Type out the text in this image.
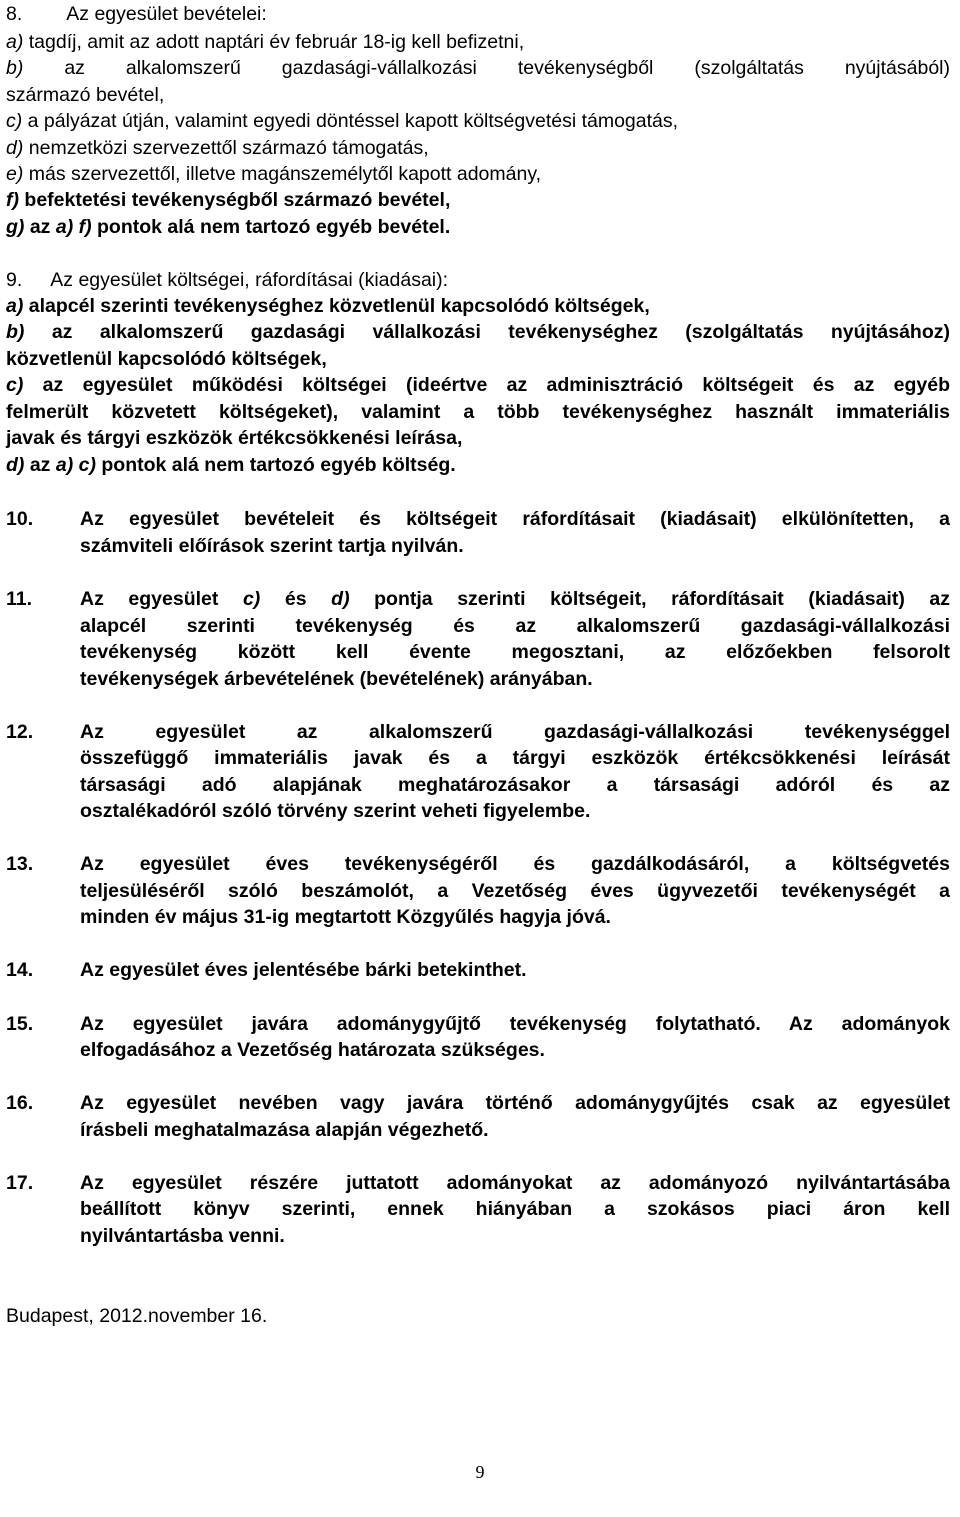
8. Az egyesület bevételei:
a) tagdíj, amit az adott naptári év február 18-ig kell befizetni,
b) az alkalomszerű gazdasági-vállalkozási tevékenységből (szolgáltatás nyújtásából)
származó bevétel,
c) a pályázat útján, valamint egyedi döntéssel kapott költségvetési támogatás,
d) nemzetközi szervezettől származó támogatás,
e) más szervezettől, illetve magánszemélytől kapott adomány,
f) befektetési tevékenységből származó bevétel,
g) az a) f) pontok alá nem tartozó egyéb bevétel.
9. Az egyesület költségei, ráfordításai (kiadásai):
a) alapcél szerinti tevékenységhez közvetlenül kapcsolódó költségek,
b) az alkalomszerű gazdasági vállalkozási tevékenységhez (szolgáltatás nyújtásához)
közvetlenül kapcsolódó költségek,
c) az egyesület működési költségei (ideértve az adminisztráció költségeit és az egyéb
felmerült közvetett költségeket), valamint a több tevékenységhez használt immateriális
javak és tárgyi eszközök értékcsökkenési leírása,
d) az a) c) pontok alá nem tartozó egyéb költség.
10. Az egyesület bevételeit és költségeit ráfordításait (kiadásait) elkülönítetten, a
számviteli előírások szerint tartja nyilván.
11. Az egyesület c) és d) pontja szerinti költségeit, ráfordításait (kiadásait) az
alapcél szerinti tevékenység és az alkalomszerű gazdasági-vállalkozási
tevékenység között kell évente megosztani, az előzőekben felsorolt
tevékenységek árbevételének (bevételének) arányában.
12. Az egyesület az alkalomszerű gazdasági-vállalkozási tevékenységgel
összefüggő immateriális javak és a tárgyi eszközök értékcsökkenési leírását
társasági adó alapjának meghatározásakor a társasági adóról és az
osztalékadóról szóló törvény szerint veheti figyelembe.
13. Az egyesület éves tevékenységéről és gazdálkodásáról, a költségvetés
teljesüléséről szóló beszámolót, a Vezetőség éves ügyvezetői tevékenységét a
minden év május 31-ig megtartott Közgyűlés hagyja jóvá.
14. Az egyesület éves jelentésébe bárki betekinthet.
15. Az egyesület javára adománygyűjtő tevékenység folytatható. Az adományok
elfogadásához a Vezetőség határozata szükséges.
16. Az egyesület nevében vagy javára történő adománygyűjtés csak az egyesület
írásbeli meghatalmazása alapján végezhető.
17. Az egyesület részére juttatott adományokat az adományozó nyilvántartásába
beállított könyv szerinti, ennek hiányában a szokásos piaci áron kell
nyilvántartásba venni.
Budapest, 2012.november 16.
9
